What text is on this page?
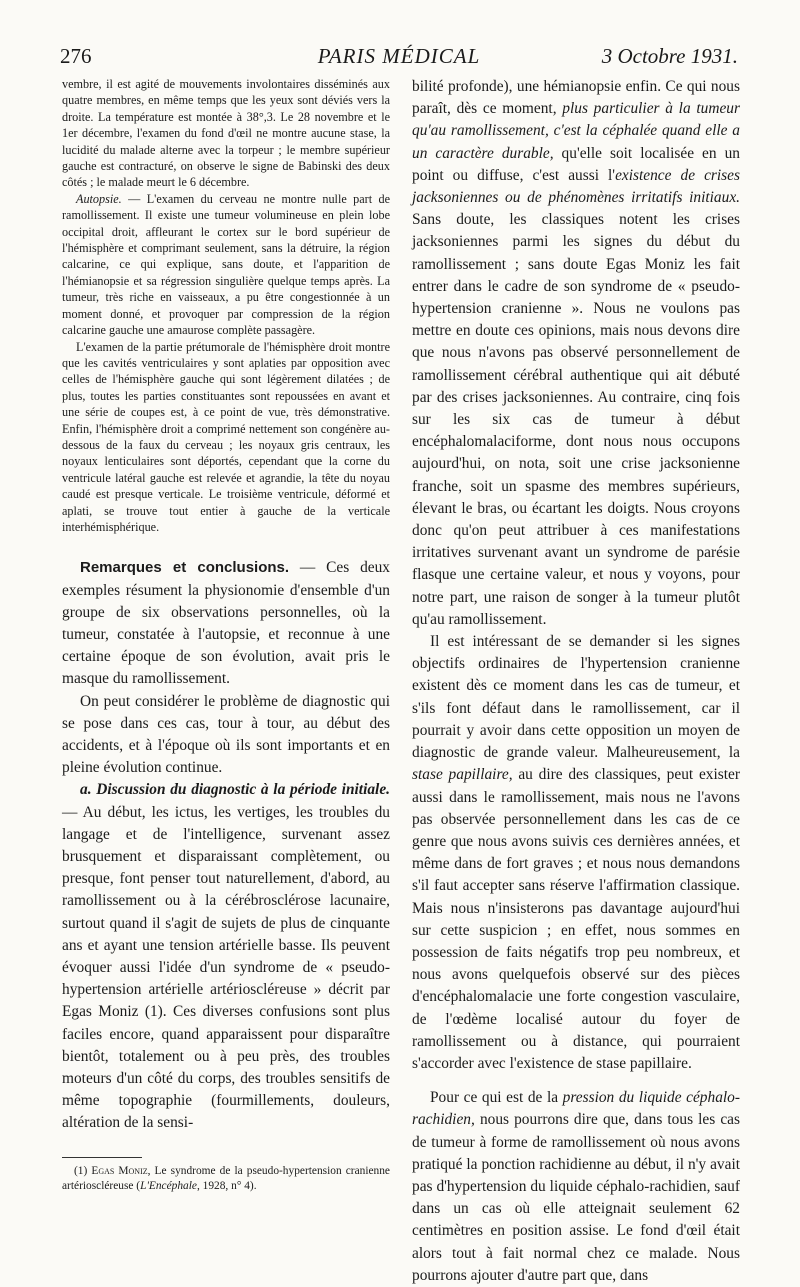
276	PARIS MÉDICAL	3 Octobre 1931.

vembre, il est agité de mouvements involontaires disséminés aux quatre membres, en même temps que les yeux sont déviés vers la droite. La température est montée à 38°,3. Le 28 novembre et le 1er décembre, l'examen du fond d'œil ne montre aucune stase, la lucidité du malade alterne avec la torpeur ; le membre supérieur gauche est contracturé, on observe le signe de Babinski des deux côtés ; le malade meurt le 6 décembre.

Autopsie. — L'examen du cerveau ne montre nulle part de ramollissement. Il existe une tumeur volumineuse en plein lobe occipital droit, affleurant le cortex sur le bord supérieur de l'hémisphère et comprimant seulement, sans la détruire, la région calcarine, ce qui explique, sans doute, et l'apparition de l'hémianopsie et sa régression singulière quelque temps après. La tumeur, très riche en vaisseaux, a pu être congestionnée à un moment donné, et provoquer par compression de la région calcarine gauche une amaurose complète passagère.

L'examen de la partie prétumorale de l'hémisphère droit montre que les cavités ventriculaires y sont aplaties par opposition avec celles de l'hémisphère gauche qui sont légèrement dilatées ; de plus, toutes les parties constituantes sont repoussées en avant et une série de coupes est, à ce point de vue, très démonstrative. Enfin, l'hémisphère droit a comprimé nettement son congénère au-dessous de la faux du cerveau ; les noyaux gris centraux, les noyaux lenticulaires sont déportés, cependant que la corne du ventricule latéral gauche est relevée et agrandie, la tête du noyau caudé est presque verticale. Le troisième ventricule, déformé et aplati, se trouve tout entier à gauche de la verticale interhémisphérique.

Remarques et conclusions. — Ces deux exemples résument la physionomie d'ensemble d'un groupe de six observations personnelles, où la tumeur, constatée à l'autopsie, et reconnue à une certaine époque de son évolution, avait pris le masque du ramollissement.

On peut considérer le problème de diagnostic qui se pose dans ces cas, tour à tour, au début des accidents, et à l'époque où ils sont importants et en pleine évolution continue.

a. Discussion du diagnostic à la période initiale. — Au début, les ictus, les vertiges, les troubles du langage et de l'intelligence, survenant assez brusquement et disparaissant complètement, ou presque, font penser tout naturellement, d'abord, au ramollissement ou à la cérébrosclérose lacunaire, surtout quand il s'agit de sujets de plus de cinquante ans et ayant une tension artérielle basse. Ils peuvent évoquer aussi l'idée d'un syndrome de « pseudo-hypertension artérielle artérioscléreuse » décrit par Egas Moniz (1). Ces diverses confusions sont plus faciles encore, quand apparaissent pour disparaître bientôt, totalement ou à peu près, des troubles moteurs d'un côté du corps, des troubles sensitifs de même topographie (fourmillements, douleurs, altération de la sensi-

(1) Egas Moniz, Le syndrome de la pseudo-hypertension cranienne artérioscléreuse (L'Encéphale, 1928, n° 4).

bilité profonde), une hémianopsie enfin. Ce qui nous paraît, dès ce moment, plus particulier à la tumeur qu'au ramollissement, c'est la céphalée quand elle a un caractère durable, qu'elle soit localisée en un point ou diffuse, c'est aussi l'existence de crises jacksoniennes ou de phénomènes irritatifs initiaux. Sans doute, les classiques notent les crises jacksoniennes parmi les signes du début du ramollissement ; sans doute Egas Moniz les fait entrer dans le cadre de son syndrome de « pseudo-hypertension cranienne ». Nous ne voulons pas mettre en doute ces opinions, mais nous devons dire que nous n'avons pas observé personnellement de ramollissement cérébral authentique qui ait débuté par des crises jacksoniennes. Au contraire, cinq fois sur les six cas de tumeur à début encéphalomalaciforme, dont nous nous occupons aujourd'hui, on nota, soit une crise jacksonienne franche, soit un spasme des membres supérieurs, élevant le bras, ou écartant les doigts. Nous croyons donc qu'on peut attribuer à ces manifestations irritatives survenant avant un syndrome de parésie flasque une certaine valeur, et nous y voyons, pour notre part, une raison de songer à la tumeur plutôt qu'au ramollissement.

Il est intéressant de se demander si les signes objectifs ordinaires de l'hypertension cranienne existent dès ce moment dans les cas de tumeur, et s'ils font défaut dans le ramollissement, car il pourrait y avoir dans cette opposition un moyen de diagnostic de grande valeur. Malheureusement, la stase papillaire, au dire des classiques, peut exister aussi dans le ramollissement, mais nous ne l'avons pas observée personnellement dans les cas de ce genre que nous avons suivis ces dernières années, et même dans de fort graves ; et nous nous demandons s'il faut accepter sans réserve l'affirmation classique. Mais nous n'insisterons pas davantage aujourd'hui sur cette suspicion ; en effet, nous sommes en possession de faits négatifs trop peu nombreux, et nous avons quelquefois observé sur des pièces d'encéphalomalacie une forte congestion vasculaire, de l'œdème localisé autour du foyer de ramollissement ou à distance, qui pourraient s'accorder avec l'existence de stase papillaire.

Pour ce qui est de la pression du liquide céphalo-rachidien, nous pourrons dire que, dans tous les cas de tumeur à forme de ramollissement où nous avons pratiqué la ponction rachidienne au début, il n'y avait pas d'hypertension du liquide céphalo-rachidien, sauf dans un cas où elle atteignait seulement 62 centimètres en position assise. Le fond d'œil était alors tout à fait normal chez ce malade. Nous pourrons ajouter d'autre part que, dans
